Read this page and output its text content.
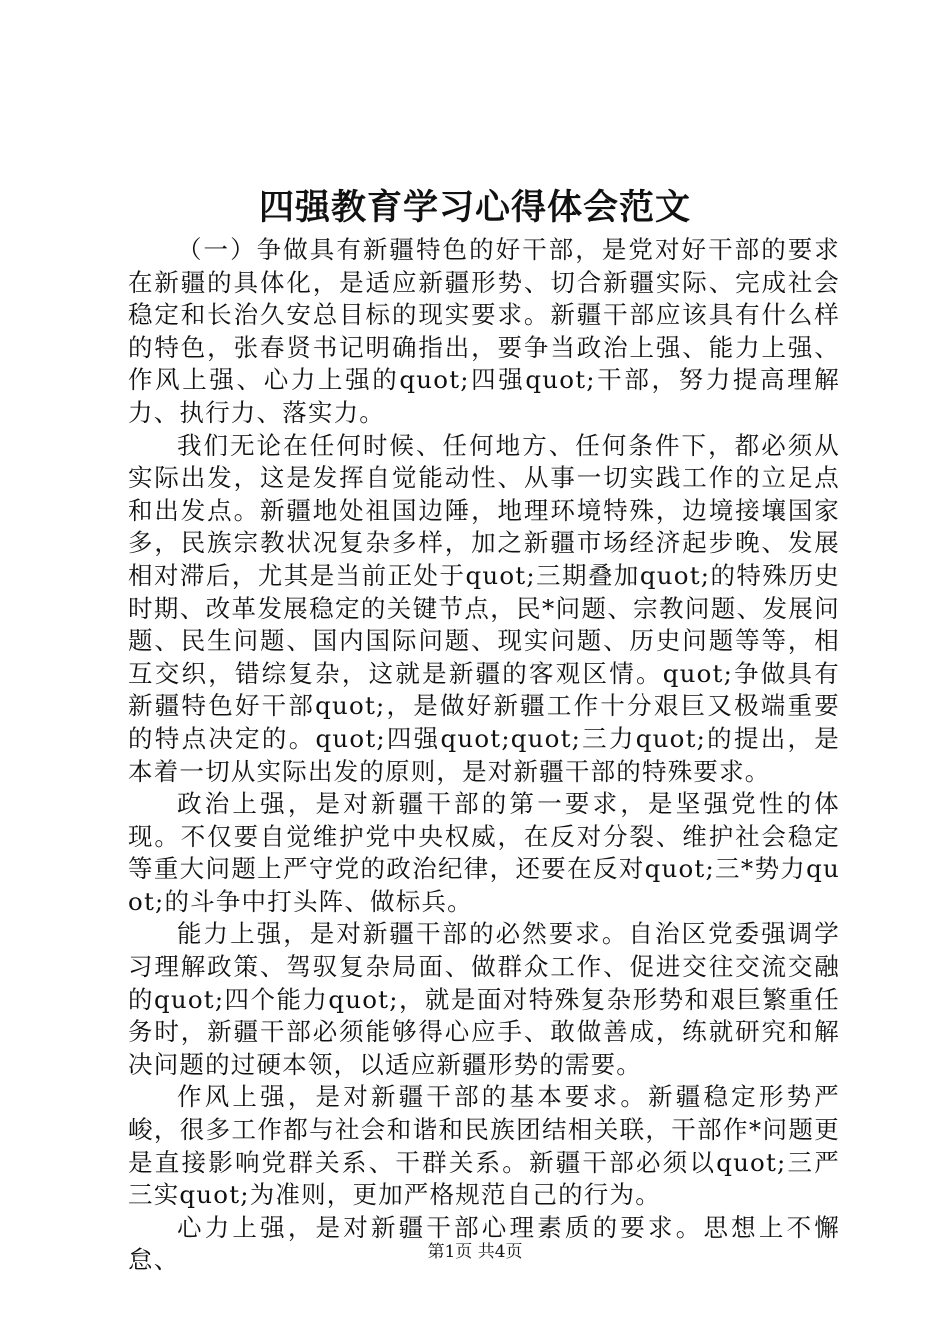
四强教育学习心得体会范文

（一）争做具有新疆特色的好干部，是党对好干部的要求在新疆的具体化，是适应新疆形势、切合新疆实际、完成社会稳定和长治久安总目标的现实要求。新疆干部应该具有什么样的特色，张春贤书记明确指出，要争当政治上强、能力上强、作风上强、心力上强的quot;四强quot;干部，努力提高理解力、执行力、落实力。

我们无论在任何时候、任何地方、任何条件下，都必须从实际出发，这是发挥自觉能动性、从事一切实践工作的立足点和出发点。新疆地处祖国边陲，地理环境特殊，边境接壤国家多，民族宗教状况复杂多样，加之新疆市场经济起步晚、发展相对滞后，尤其是当前正处于quot;三期叠加quot;的特殊历史时期、改革发展稳定的关键节点，民*问题、宗教问题、发展问题、民生问题、国内国际问题、现实问题、历史问题等等，相互交织，错综复杂，这就是新疆的客观区情。quot;争做具有新疆特色好干部quot;，是做好新疆工作十分艰巨又极端重要的特点决定的。quot;四强quot;quot;三力quot;的提出，是本着一切从实际出发的原则，是对新疆干部的特殊要求。

政治上强，是对新疆干部的第一要求，是坚强党性的体现。不仅要自觉维护党中央权威，在反对分裂、维护社会稳定等重大问题上严守党的政治纪律，还要在反对quot;三*势力quot;的斗争中打头阵、做标兵。

能力上强，是对新疆干部的必然要求。自治区党委强调学习理解政策、驾驭复杂局面、做群众工作、促进交往交流交融的quot;四个能力quot;，就是面对特殊复杂形势和艰巨繁重任务时，新疆干部必须能够得心应手、敢做善成，练就研究和解决问题的过硬本领，以适应新疆形势的需要。

作风上强，是对新疆干部的基本要求。新疆稳定形势严峻，很多工作都与社会和谐和民族团结相关联，干部作*问题更是直接影响党群关系、干群关系。新疆干部必须以quot;三严三实quot;为准则，更加严格规范自己的行为。

心力上强，是对新疆干部心理素质的要求。思想上不懈怠、	第1页 共4页
